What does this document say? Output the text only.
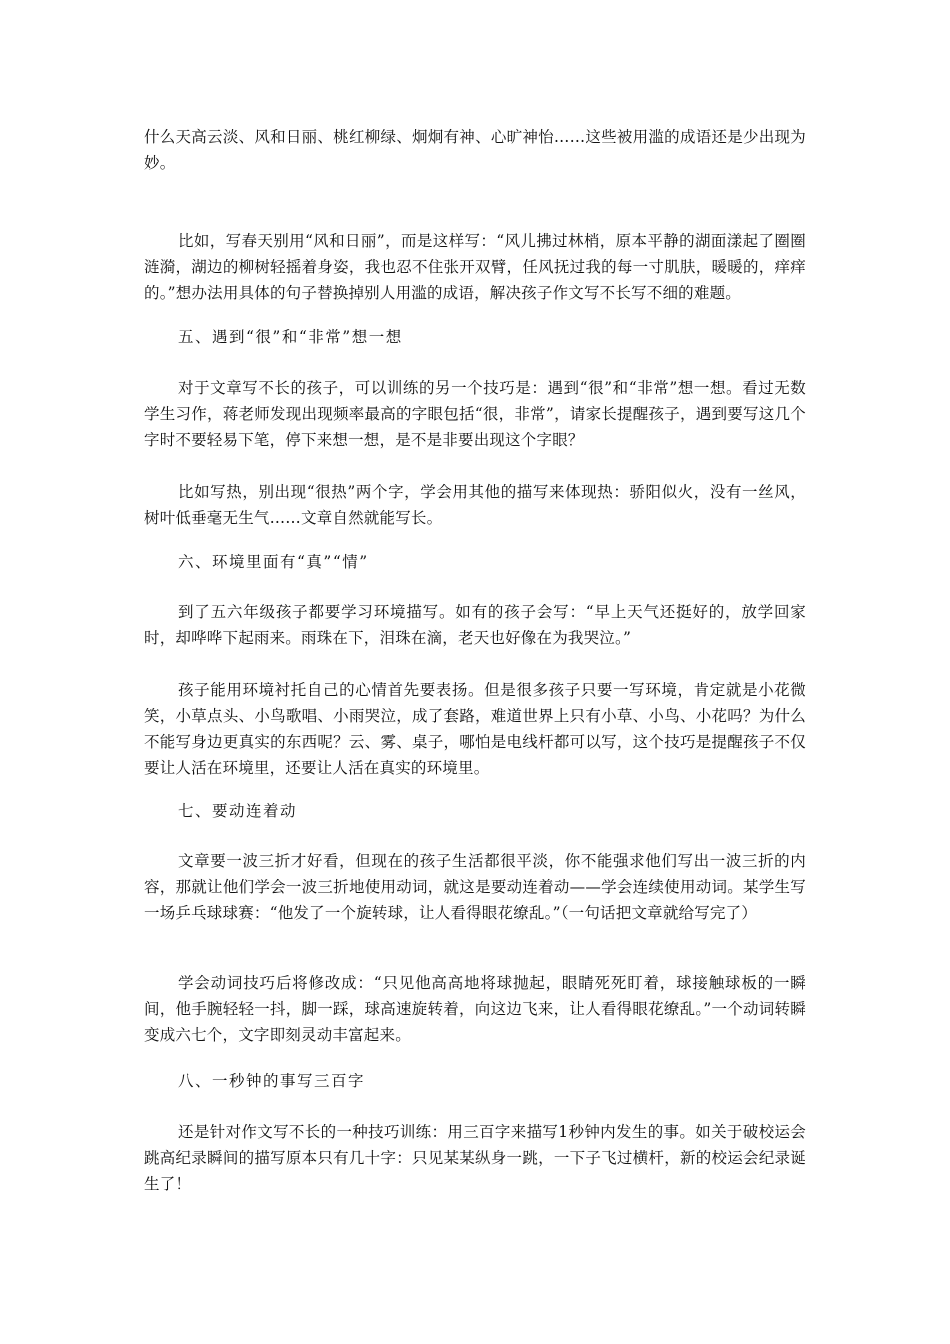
什么天高云淡、风和日丽、桃红柳绿、炯炯有神、心旷神怡……这些被用滥的成语还是少出现为妙。

比如，写春天别用“风和日丽”，而是这样写：“风儿拂过林梢，原本平静的湖面漾起了圈圈涟漪，湖边的柳树轻摇着身姿，我也忍不住张开双臂，任风抚过我的每一寸肌肤，暖暖的，痒痒的。”想办法用具体的句子替换掉别人用滥的成语，解决孩子作文写不长写不细的难题。

五、遇到“很”和“非常”想一想

对于文章写不长的孩子，可以训练的另一个技巧是：遇到“很”和“非常”想一想。看过无数学生习作，蒋老师发现出现频率最高的字眼包括“很，非常”，请家长提醒孩子，遇到要写这几个字时不要轻易下笔，停下来想一想，是不是非要出现这个字眼？

比如写热，别出现“很热”两个字，学会用其他的描写来体现热：骄阳似火，没有一丝风，树叶低垂毫无生气……文章自然就能写长。

六、环境里面有“真”“情”

到了五六年级孩子都要学习环境描写。如有的孩子会写：“早上天气还挺好的，放学回家时，却哗哗下起雨来。雨珠在下，泪珠在滴，老天也好像在为我哭泣。”

孩子能用环境衬托自己的心情首先要表扬。但是很多孩子只要一写环境，肯定就是小花微笑，小草点头、小鸟歌唱、小雨哭泣，成了套路，难道世界上只有小草、小鸟、小花吗？为什么不能写身边更真实的东西呢？云、雾、桌子，哪怕是电线杆都可以写，这个技巧是提醒孩子不仅要让人活在环境里，还要让人活在真实的环境里。

七、要动连着动

文章要一波三折才好看，但现在的孩子生活都很平淡，你不能强求他们写出一波三折的内容，那就让他们学会一波三折地使用动词，就这是要动连着动——学会连续使用动词。某学生写一场乒乓球球赛：“他发了一个旋转球，让人看得眼花缭乱。”（一句话把文章就给写完了）

学会动词技巧后将修改成：“只见他高高地将球抛起，眼睛死死盯着，球接触球板的一瞬间，他手腕轻轻一抖，脚一踩，球高速旋转着，向这边飞来，让人看得眼花缭乱。”一个动词转瞬变成六七个，文字即刻灵动丰富起来。

八、一秒钟的事写三百字

还是针对作文写不长的一种技巧训练：用三百字来描写1秒钟内发生的事。如关于破校运会跳高纪录瞬间的描写原本只有几十字：只见某某纵身一跳，一下子飞过横杆，新的校运会纪录诞生了！
